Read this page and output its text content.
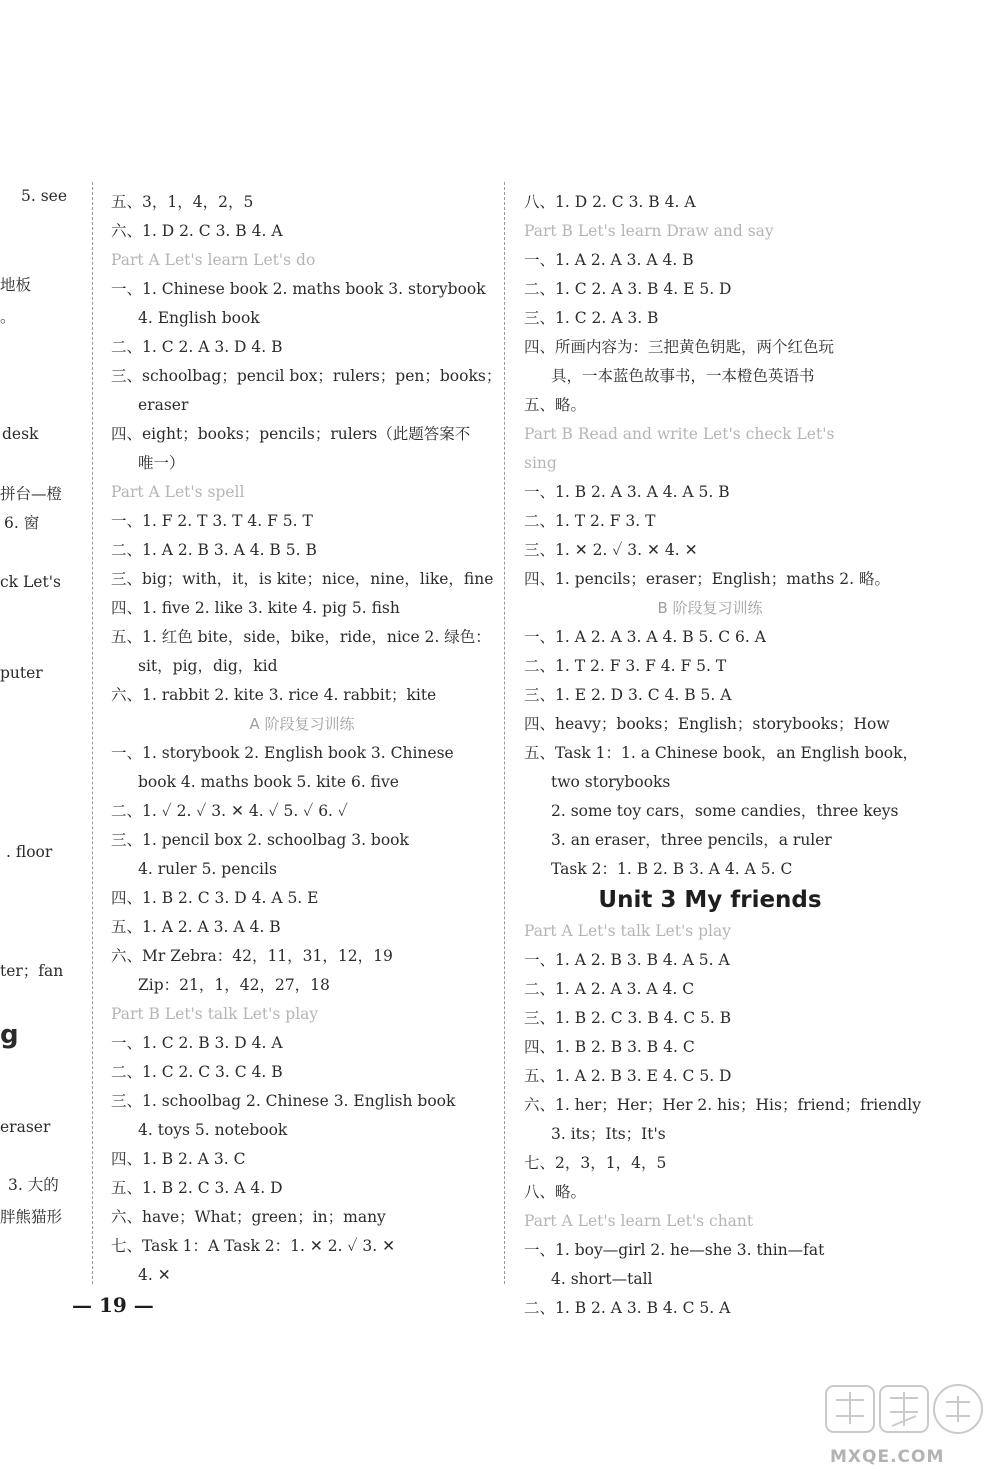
5. see
地板
。
desk
拼台—橙
6. 窗
ck Let's
puter
. floor
ter；fan
g
eraser
3. 大的
胖熊猫形
五、3，1，4，2，5
六、1. D 2. C 3. B 4. A
Part A Let's learn Let's do
一、1. Chinese book 2. maths book 3. storybook
4. English book
二、1. C 2. A 3. D 4. B
三、schoolbag；pencil box；rulers；pen；books；
eraser
四、eight；books；pencils；rulers（此题答案不
唯一）
Part A Let's spell
一、1. F 2. T 3. T 4. F 5. T
二、1. A 2. B 3. A 4. B 5. B
三、big；with，it，is kite；nice，nine，like，fine
四、1. five 2. like 3. kite 4. pig 5. fish
五、1. 红色 bite，side，bike，ride，nice 2. 绿色：
sit，pig，dig，kid
六、1. rabbit 2. kite 3. rice 4. rabbit；kite
A 阶段复习训练
一、1. storybook 2. English book 3. Chinese
book 4. maths book 5. kite 6. five
二、1. ✓ 2. ✓ 3. ✕ 4. ✓ 5. ✓ 6. ✓
三、1. pencil box 2. schoolbag 3. book
4. ruler 5. pencils
四、1. B 2. C 3. D 4. A 5. E
五、1. A 2. A 3. A 4. B
六、Mr Zebra：42，11，31，12，19
Zip：21，1，42，27，18
Part B Let's talk Let's play
一、1. C 2. B 3. D 4. A
二、1. C 2. C 3. C 4. B
三、1. schoolbag 2. Chinese 3. English book
4. toys 5. notebook
四、1. B 2. A 3. C
五、1. B 2. C 3. A 4. D
六、have；What；green；in；many
七、Task 1：A Task 2：1. ✕ 2. ✓ 3. ✕
4. ✕
八、1. D 2. C 3. B 4. A
Part B Let's learn Draw and say
一、1. A 2. A 3. A 4. B
二、1. C 2. A 3. B 4. E 5. D
三、1. C 2. A 3. B
四、所画内容为：三把黄色钥匙，两个红色玩
具，一本蓝色故事书，一本橙色英语书
五、略。
Part B Read and write Let's check Let's
sing
一、1. B 2. A 3. A 4. A 5. B
二、1. T 2. F 3. T
三、1. ✕ 2. ✓ 3. ✕ 4. ✕
四、1. pencils；eraser；English；maths 2. 略。
B 阶段复习训练
一、1. A 2. A 3. A 4. B 5. C 6. A
二、1. T 2. F 3. F 4. F 5. T
三、1. E 2. D 3. C 4. B 5. A
四、heavy；books；English；storybooks；How
五、Task 1：1. a Chinese book，an English book，
two storybooks
2. some toy cars，some candies，three keys
3. an eraser，three pencils，a ruler
Task 2：1. B 2. B 3. A 4. A 5. C
Unit 3 My friends
Part A Let's talk Let's play
一、1. A 2. B 3. B 4. A 5. A
二、1. A 2. A 3. A 4. C
三、1. B 2. C 3. B 4. C 5. B
四、1. B 2. B 3. B 4. C
五、1. A 2. B 3. E 4. C 5. D
六、1. her；Her；Her 2. his；His；friend；friendly
3. its；Its；It's
七、2，3，1，4，5
八、略。
Part A Let's learn Let's chant
一、1. boy—girl 2. he—she 3. thin—fat
4. short—tall
二、1. B 2. A 3. B 4. C 5. A
— 19 —
MXQE.COM
